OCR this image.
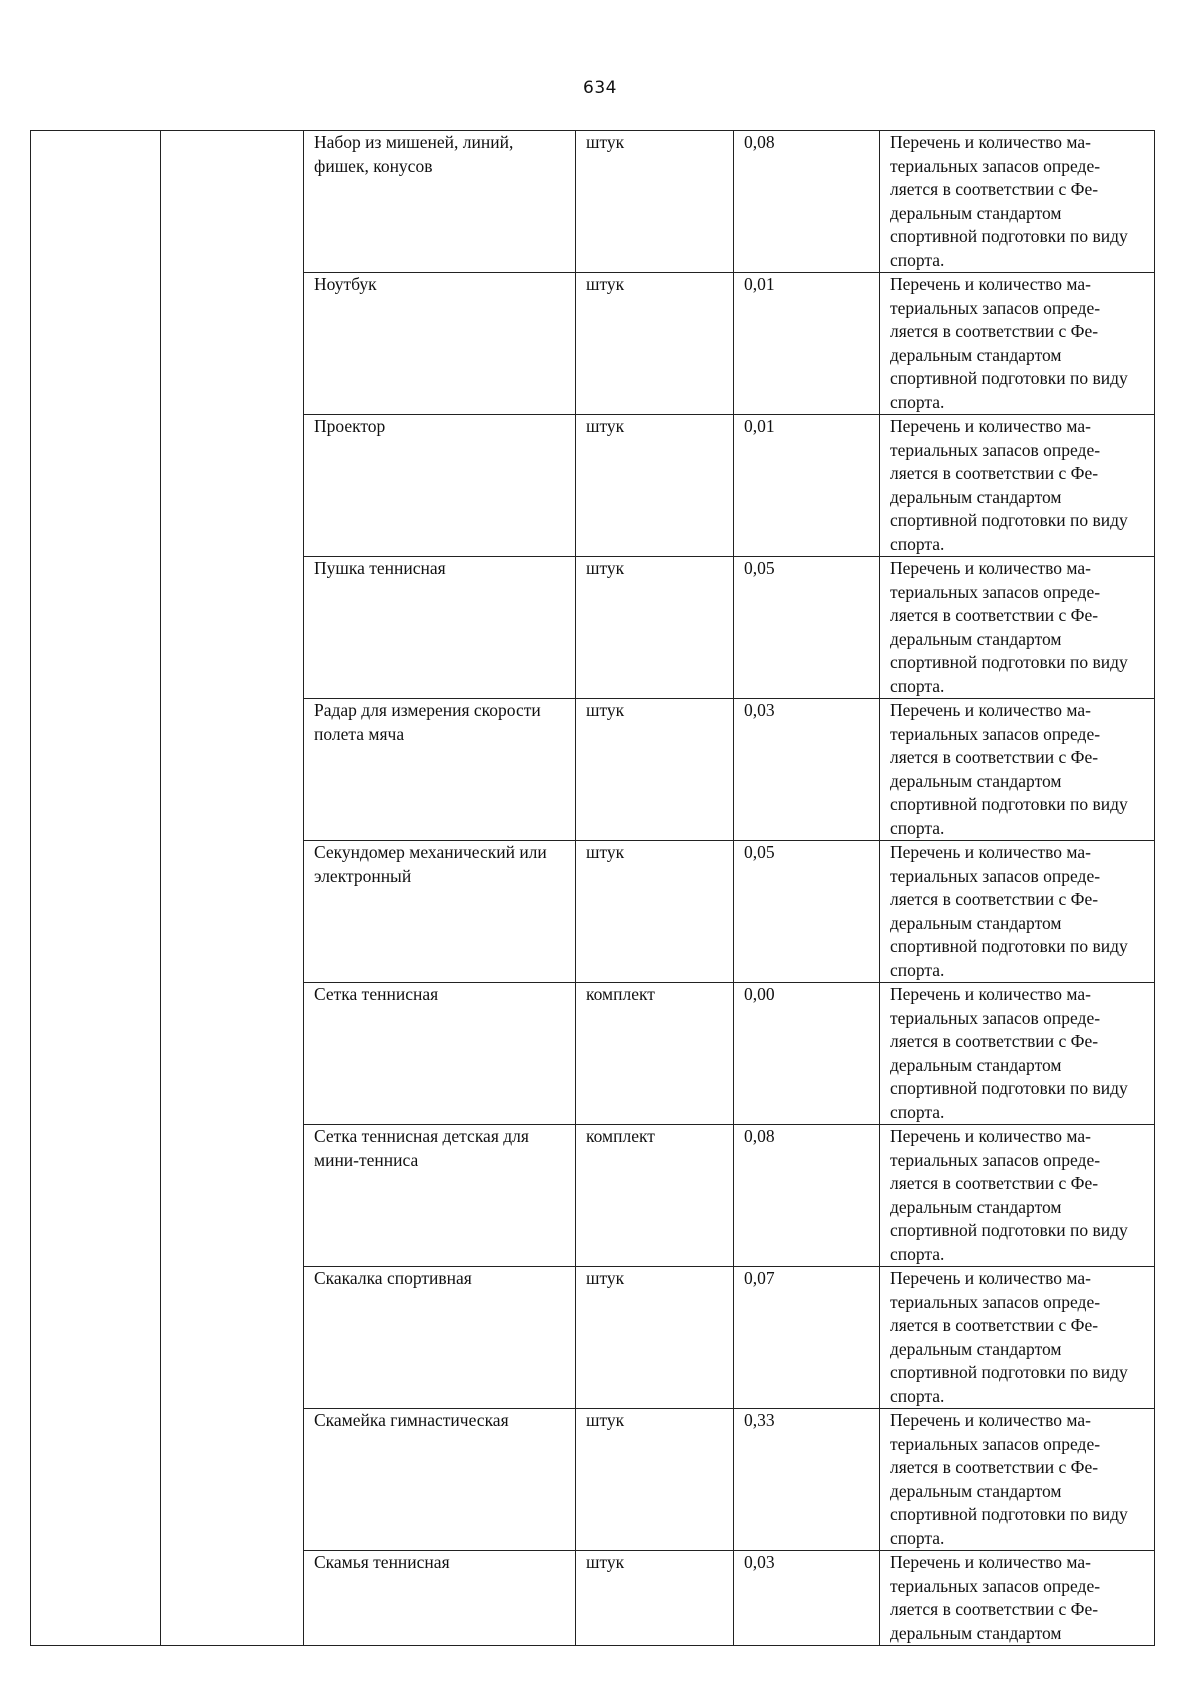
634
		Набор из мишеней, линий, фишек, конусов	штук	0,08	Перечень и количество ма-териальных запасов опреде-ляется в соответствии с Фе-деральным стандартом спортивной подготовки по виду спорта.
		Ноутбук	штук	0,01	Перечень и количество ма-териальных запасов опреде-ляется в соответствии с Фе-деральным стандартом спортивной подготовки по виду спорта.
		Проектор	штук	0,01	Перечень и количество ма-териальных запасов опреде-ляется в соответствии с Фе-деральным стандартом спортивной подготовки по виду спорта.
		Пушка теннисная	штук	0,05	Перечень и количество ма-териальных запасов опреде-ляется в соответствии с Фе-деральным стандартом спортивной подготовки по виду спорта.
		Радар для измерения скорости полета мяча	штук	0,03	Перечень и количество ма-териальных запасов опреде-ляется в соответствии с Фе-деральным стандартом спортивной подготовки по виду спорта.
		Секундомер механический или электронный	штук	0,05	Перечень и количество ма-териальных запасов опреде-ляется в соответствии с Фе-деральным стандартом спортивной подготовки по виду спорта.
		Сетка теннисная	комплект	0,00	Перечень и количество ма-териальных запасов опреде-ляется в соответствии с Фе-деральным стандартом спортивной подготовки по виду спорта.
		Сетка теннисная детская для мини-тенниса	комплект	0,08	Перечень и количество ма-териальных запасов опреде-ляется в соответствии с Фе-деральным стандартом спортивной подготовки по виду спорта.
		Скакалка спортивная	штук	0,07	Перечень и количество ма-териальных запасов опреде-ляется в соответствии с Фе-деральным стандартом спортивной подготовки по виду спорта.
		Скамейка гимнастическая	штук	0,33	Перечень и количество ма-териальных запасов опреде-ляется в соответствии с Фе-деральным стандартом спортивной подготовки по виду спорта.
		Скамья теннисная	штук	0,03	Перечень и количество ма-териальных запасов опреде-ляется в соответствии с Фе-деральным стандартом
